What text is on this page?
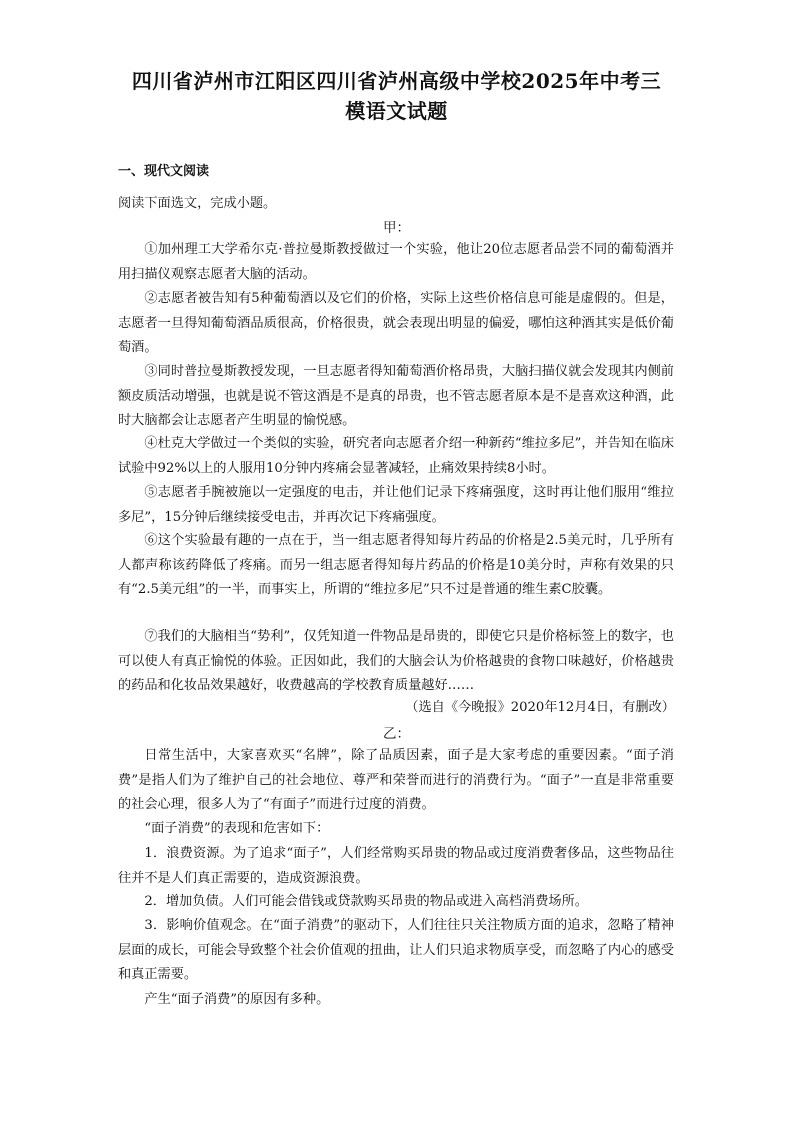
四川省泸州市江阳区四川省泸州高级中学校2025年中考三
模语文试题
一、现代文阅读
阅读下面选文，完成小题。
甲：

①加州理工大学希尔克·普拉曼斯教授做过一个实验，他让20位志愿者品尝不同的葡萄酒并用扫描仪观察志愿者大脑的活动。

②志愿者被告知有5种葡萄酒以及它们的价格，实际上这些价格信息可能是虚假的。但是，志愿者一旦得知葡萄酒品质很高，价格很贵，就会表现出明显的偏爱，哪怕这种酒其实是低价葡萄酒。

③同时普拉曼斯教授发现，一旦志愿者得知葡萄酒价格昂贵，大脑扫描仪就会发现其内侧前额皮质活动增强，也就是说不管这酒是不是真的昂贵，也不管志愿者原本是不是喜欢这种酒，此时大脑都会让志愿者产生明显的愉悦感。

④杜克大学做过一个类似的实验，研究者向志愿者介绍一种新药“维拉多尼”，并告知在临床试验中92%以上的人服用10分钟内疼痛会显著减轻，止痛效果持续8小时。

⑤志愿者手腕被施以一定强度的电击，并让他们记录下疼痛强度，这时再让他们服用“维拉多尼”，15分钟后继续接受电击，并再次记下疼痛强度。

⑥这个实验最有趣的一点在于，当一组志愿者得知每片药品的价格是2.5美元时，几乎所有人都声称该药降低了疼痛。而另一组志愿者得知每片药品的价格是10美分时，声称有效果的只有“2.5美元组”的一半，而事实上，所谓的“维拉多尼”只不过是普通的维生素C胶囊。

⑦我们的大脑相当“势利”，仅凭知道一件物品是昂贵的，即使它只是价格标签上的数字，也可以使人有真正愉悦的体验。正因如此，我们的大脑会认为价格越贵的食物口味越好，价格越贵的药品和化妆品效果越好，收费越高的学校教育质量越好……

（选自《今晚报》2020年12月4日，有删改）
乙：

日常生活中，大家喜欢买“名牌”，除了品质因素，面子是大家考虑的重要因素。“面子消费”是指人们为了维护自己的社会地位、尊严和荣誉而进行的消费行为。“面子”一直是非常重要的社会心理，很多人为了“有面子”而进行过度的消费。

“面子消费”的表现和危害如下：

1．浪费资源。为了追求“面子”，人们经常购买昂贵的物品或过度消费奢侈品，这些物品往往并不是人们真正需要的，造成资源浪费。

2．增加负债。人们可能会借钱或贷款购买昂贵的物品或进入高档消费场所。

3．影响价值观念。在“面子消费”的驱动下，人们往往只关注物质方面的追求，忽略了精神层面的成长，可能会导致整个社会价值观的扭曲，让人们只追求物质享受，而忽略了内心的感受和真正需要。

产生“面子消费”的原因有多种。
